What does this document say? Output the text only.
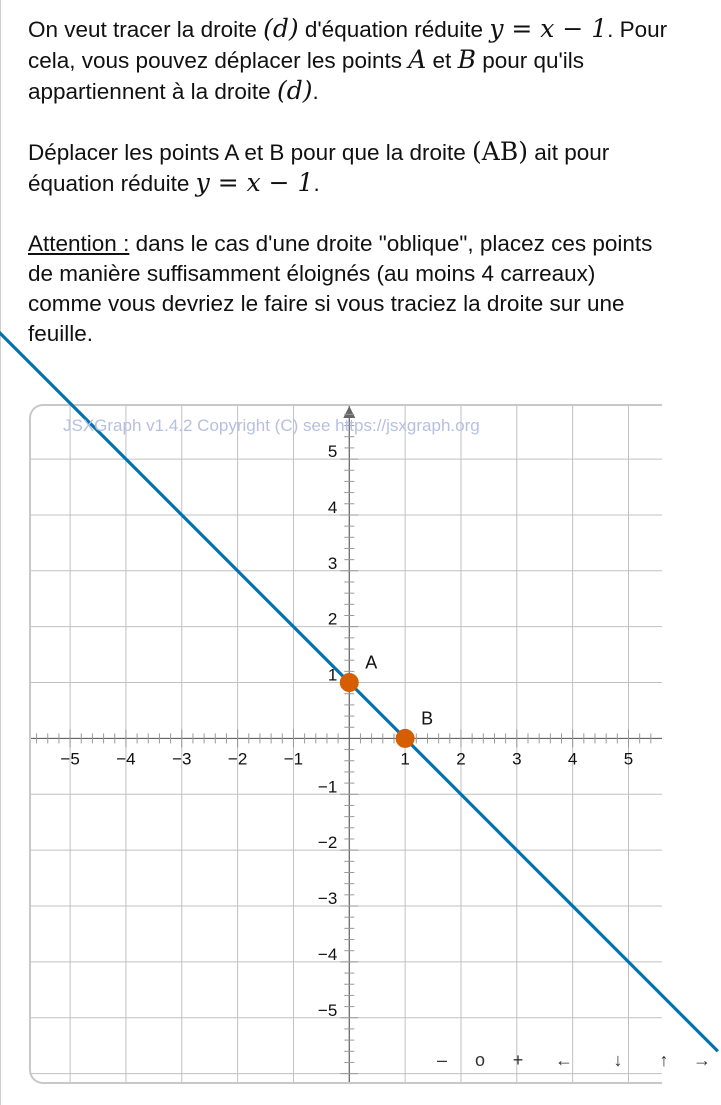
On veut tracer la droite (d) d'équation réduite y = x − 1. Pour cela, vous pouvez déplacer les points A et B pour qu'ils appartiennent à la droite (d).

Déplacer les points A et B pour que la droite (AB) ait pour équation réduite y = x − 1.

Attention : dans le cas d'une droite "oblique", placez ces points de manière suffisamment éloignés (au moins 4 carreaux) comme vous devriez le faire si vous traciez la droite sur une feuille.

−5 −4 −3 −2 −1	1	2	3	4	5
5
4
3
2
1
−1
−2
−3
−4
−5
A
B
JSXGraph v1.4.2 Copyright (C) see https://jsxgraph.org
–	o	+	←	↓	↑	→
